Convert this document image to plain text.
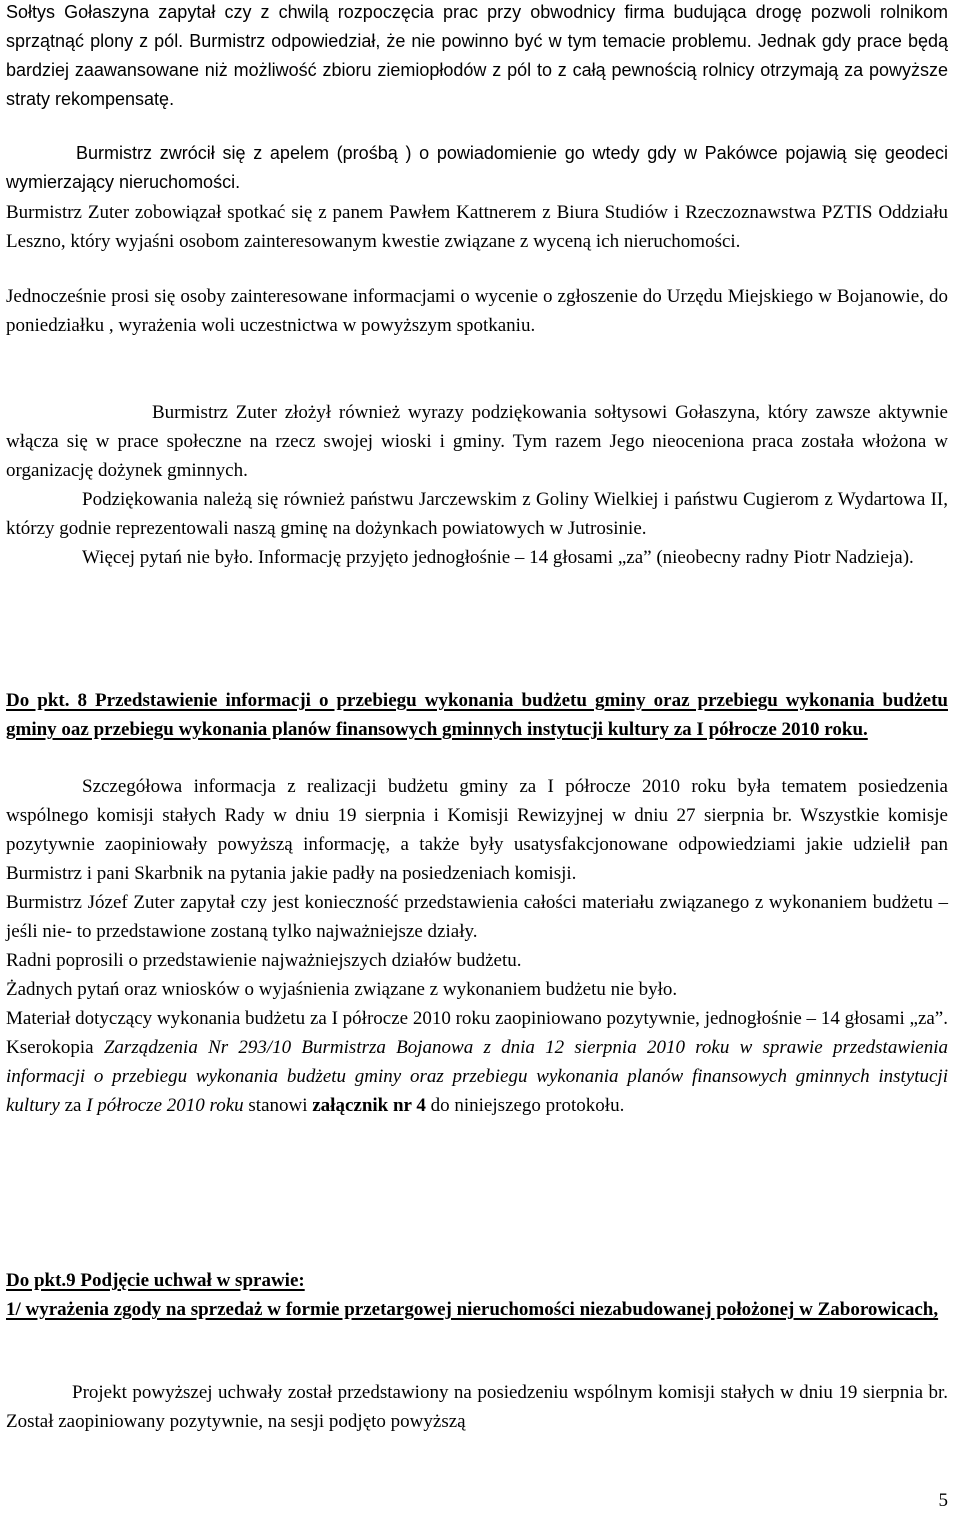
Sołtys Gołaszyna zapytał czy z chwilą rozpoczęcia prac przy obwodnicy firma budująca drogę pozwoli rolnikom sprzątnąć plony z pól. Burmistrz odpowiedział, że nie powinno być w tym temacie problemu. Jednak gdy prace będą bardziej zaawansowane niż możliwość zbioru ziemiopłodów z pól to z całą pewnością rolnicy otrzymają za powyższe straty rekompensatę.

Burmistrz zwrócił się z apelem (prośbą ) o powiadomienie go wtedy gdy w Pakówce pojawią się geodeci wymierzający nieruchomości.

Burmistrz Zuter zobowiązał spotkać się z panem Pawłem Kattnerem z Biura Studiów i Rzeczoznawstwa PZTIS Oddziału Leszno, który wyjaśni osobom zainteresowanym kwestie związane z wyceną ich nieruchomości.

Jednocześnie prosi się osoby zainteresowane informacjami o wycenie o zgłoszenie do Urzędu Miejskiego w Bojanowie, do poniedziałku , wyrażenia woli uczestnictwa w powyższym spotkaniu.

Burmistrz Zuter złożył również wyrazy podziękowania sołtysowi Gołaszyna, który zawsze aktywnie włącza się w prace społeczne na rzecz swojej wioski i gminy. Tym razem Jego nieoceniona praca została włożona w organizację dożynek gminnych.

Podziękowania należą się również państwu Jarczewskim z Goliny Wielkiej i państwu Cugierom z Wydartowa II, którzy godnie reprezentowali naszą gminę na dożynkach powiatowych w Jutrosinie.

Więcej pytań nie było. Informację przyjęto jednogłośnie – 14 głosami „za” (nieobecny radny Piotr Nadzieja).

Do pkt. 8 Przedstawienie informacji o przebiegu wykonania budżetu gminy oraz przebiegu wykonania budżetu gminy oaz przebiegu wykonania planów finansowych gminnych instytucji kultury za I półrocze 2010 roku.

Szczegółowa informacja z realizacji budżetu gminy za I półrocze 2010 roku była tematem posiedzenia wspólnego komisji stałych Rady w dniu 19 sierpnia i Komisji Rewizyjnej w dniu 27 sierpnia br. Wszystkie komisje pozytywnie zaopiniowały powyższą informację, a także były usatysfakcjonowane odpowiedziami jakie udzielił pan Burmistrz i pani Skarbnik na pytania jakie padły na posiedzeniach komisji.

Burmistrz Józef Zuter zapytał czy jest konieczność przedstawienia całości materiału związanego z wykonaniem budżetu – jeśli nie- to przedstawione zostaną tylko najważniejsze działy.

Radni poprosili o przedstawienie najważniejszych działów budżetu.

Żadnych pytań oraz wniosków o wyjaśnienia związane z wykonaniem budżetu nie było.

Materiał dotyczący wykonania budżetu za I półrocze 2010 roku zaopiniowano pozytywnie, jednogłośnie – 14 głosami „za”. Kserokopia Zarządzenia Nr 293/10 Burmistrza Bojanowa z dnia 12 sierpnia 2010 roku w sprawie przedstawienia informacji o przebiegu wykonania budżetu gminy oraz przebiegu wykonania planów finansowych gminnych instytucji kultury za I półrocze 2010 roku stanowi załącznik nr 4 do niniejszego protokołu.

Do pkt.9 Podjęcie uchwał w sprawie:

1/ wyrażenia zgody na sprzedaż w formie przetargowej nieruchomości niezabudowanej położonej w Zaborowicach,

Projekt powyższej uchwały został przedstawiony na posiedzeniu wspólnym komisji stałych w dniu 19 sierpnia br. Został zaopiniowany pozytywnie, na sesji podjęto powyższą

5
